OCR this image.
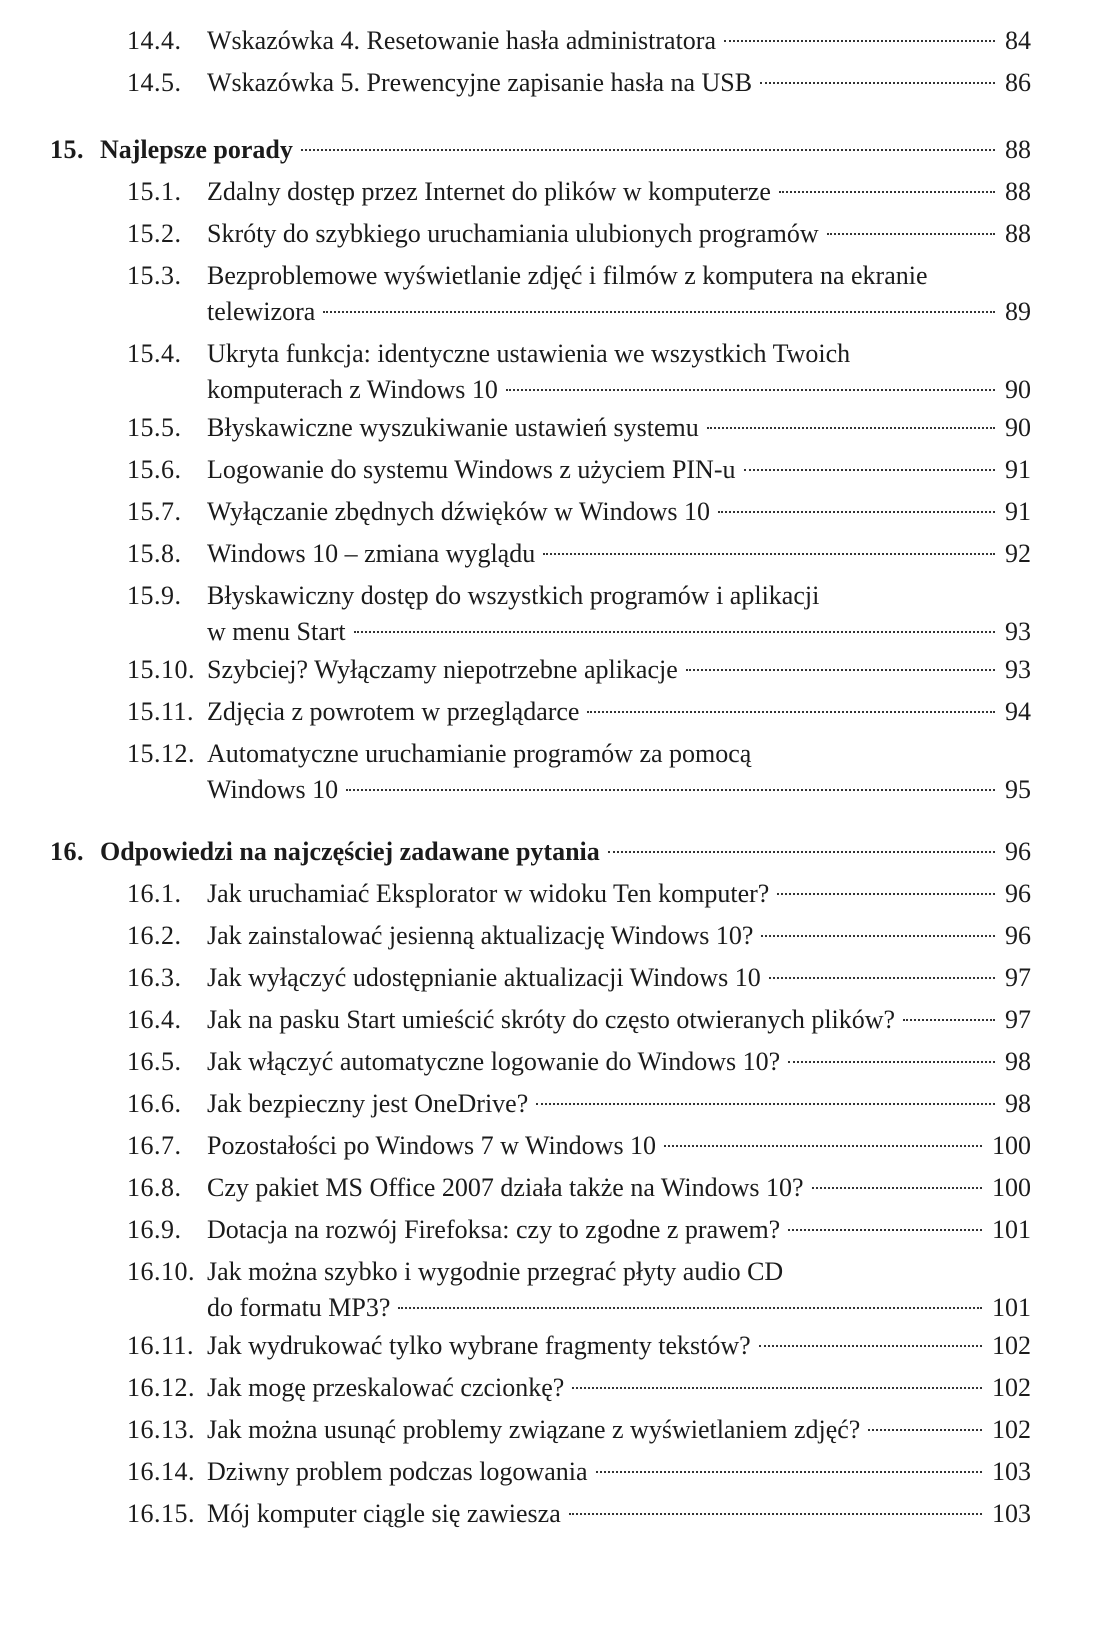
14.4. Wskazówka 4. Resetowanie hasła administratora	84
14.5. Wskazówka 5. Prewencyjne zapisanie hasła na USB	86
15. Najlepsze porady	88
15.1. Zdalny dostęp przez Internet do plików w komputerze	88
15.2. Skróty do szybkiego uruchamiania ulubionych programów	88
15.3. Bezproblemowe wyświetlanie zdjęć i filmów z komputera na ekranie
telewizora	89
15.4. Ukryta funkcja: identyczne ustawienia we wszystkich Twoich
komputerach z Windows 10	90
15.5. Błyskawiczne wyszukiwanie ustawień systemu	90
15.6. Logowanie do systemu Windows z użyciem PIN-u	91
15.7. Wyłączanie zbędnych dźwięków w Windows 10	91
15.8. Windows 10 – zmiana wyglądu	92
15.9. Błyskawiczny dostęp do wszystkich programów i aplikacji
w menu Start	93
15.10. Szybciej? Wyłączamy niepotrzebne aplikacje	93
15.11. Zdjęcia z powrotem w przeglądarce	94
15.12. Automatyczne uruchamianie programów za pomocą
Windows 10	95
16. Odpowiedzi na najczęściej zadawane pytania	96
16.1. Jak uruchamiać Eksplorator w widoku Ten komputer?	96
16.2. Jak zainstalować jesienną aktualizację Windows 10?	96
16.3. Jak wyłączyć udostępnianie aktualizacji Windows 10	97
16.4. Jak na pasku Start umieścić skróty do często otwieranych plików?	97
16.5. Jak włączyć automatyczne logowanie do Windows 10?	98
16.6. Jak bezpieczny jest OneDrive?	98
16.7. Pozostałości po Windows 7 w Windows 10	100
16.8. Czy pakiet MS Office 2007 działa także na Windows 10?	100
16.9. Dotacja na rozwój Firefoksa: czy to zgodne z prawem?	101
16.10. Jak można szybko i wygodnie przegrać płyty audio CD
do formatu MP3?	101
16.11. Jak wydrukować tylko wybrane fragmenty tekstów?	102
16.12. Jak mogę przeskalować czcionkę?	102
16.13. Jak można usunąć problemy związane z wyświetlaniem zdjęć?	102
16.14. Dziwny problem podczas logowania	103
16.15. Mój komputer ciągle się zawiesza	103
